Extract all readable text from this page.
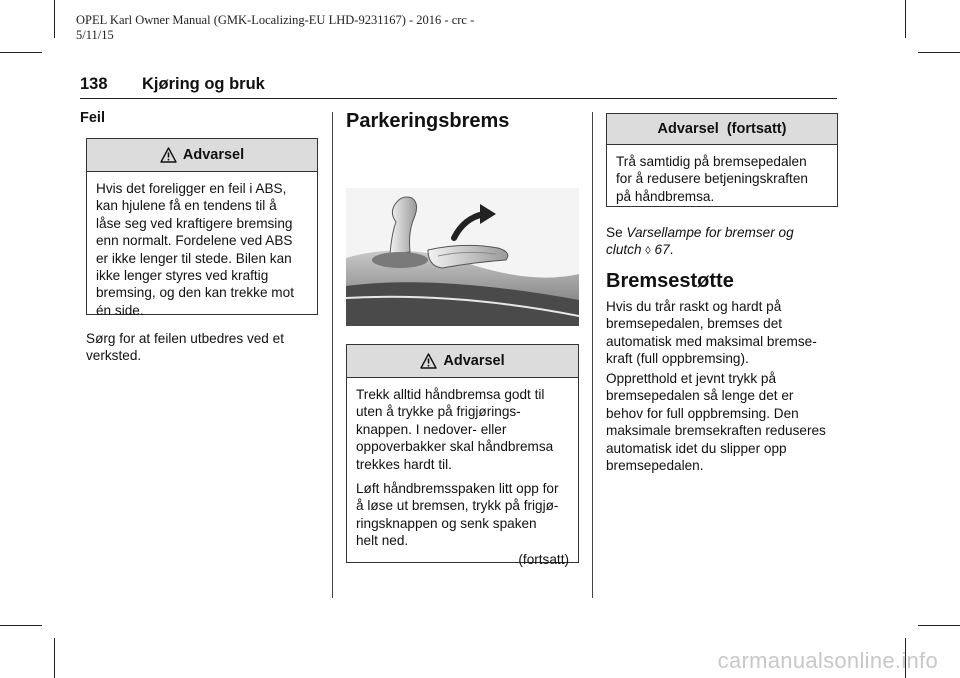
OPEL Karl Owner Manual (GMK-Localizing-EU LHD-9231167) - 2016 - crc -
5/11/15
138 Kjøring og bruk
Feil
Advarsel
Hvis det foreligger en feil i ABS,
kan hjulene få en tendens til å
låse seg ved kraftigere bremsing
enn normalt. Fordelene ved ABS
er ikke lenger til stede. Bilen kan
ikke lenger styres ved kraftig
bremsing, og den kan trekke mot
én side.
Sørg for at feilen utbedres ved et
verksted.
Parkeringsbrems
Advarsel

Trekk alltid håndbremsa godt til
uten å trykke på frigjørings-
knappen. I nedover- eller
oppoverbakker skal håndbremsa
trekkes hardt til.

Løft håndbremsspaken litt opp for
å løse ut bremsen, trykk på frigjø-
ringsknappen og senk spaken
helt ned.

(fortsatt)
Advarsel  (fortsatt)
Trå samtidig på bremsepedalen
for å redusere betjeningskraften
på håndbremsa.
Se Varsellampe for bremser og
clutch ◊ 67.
Bremsestøtte
Hvis du trår raskt og hardt på
bremsepedalen, bremses det
automatisk med maksimal bremse-
kraft (full oppbremsing).
Oppretthold et jevnt trykk på
bremsepedalen så lenge det er
behov for full oppbremsing. Den
maksimale bremsekraften reduseres
automatisk idet du slipper opp
bremsepedalen.
carmanualsonline.info
